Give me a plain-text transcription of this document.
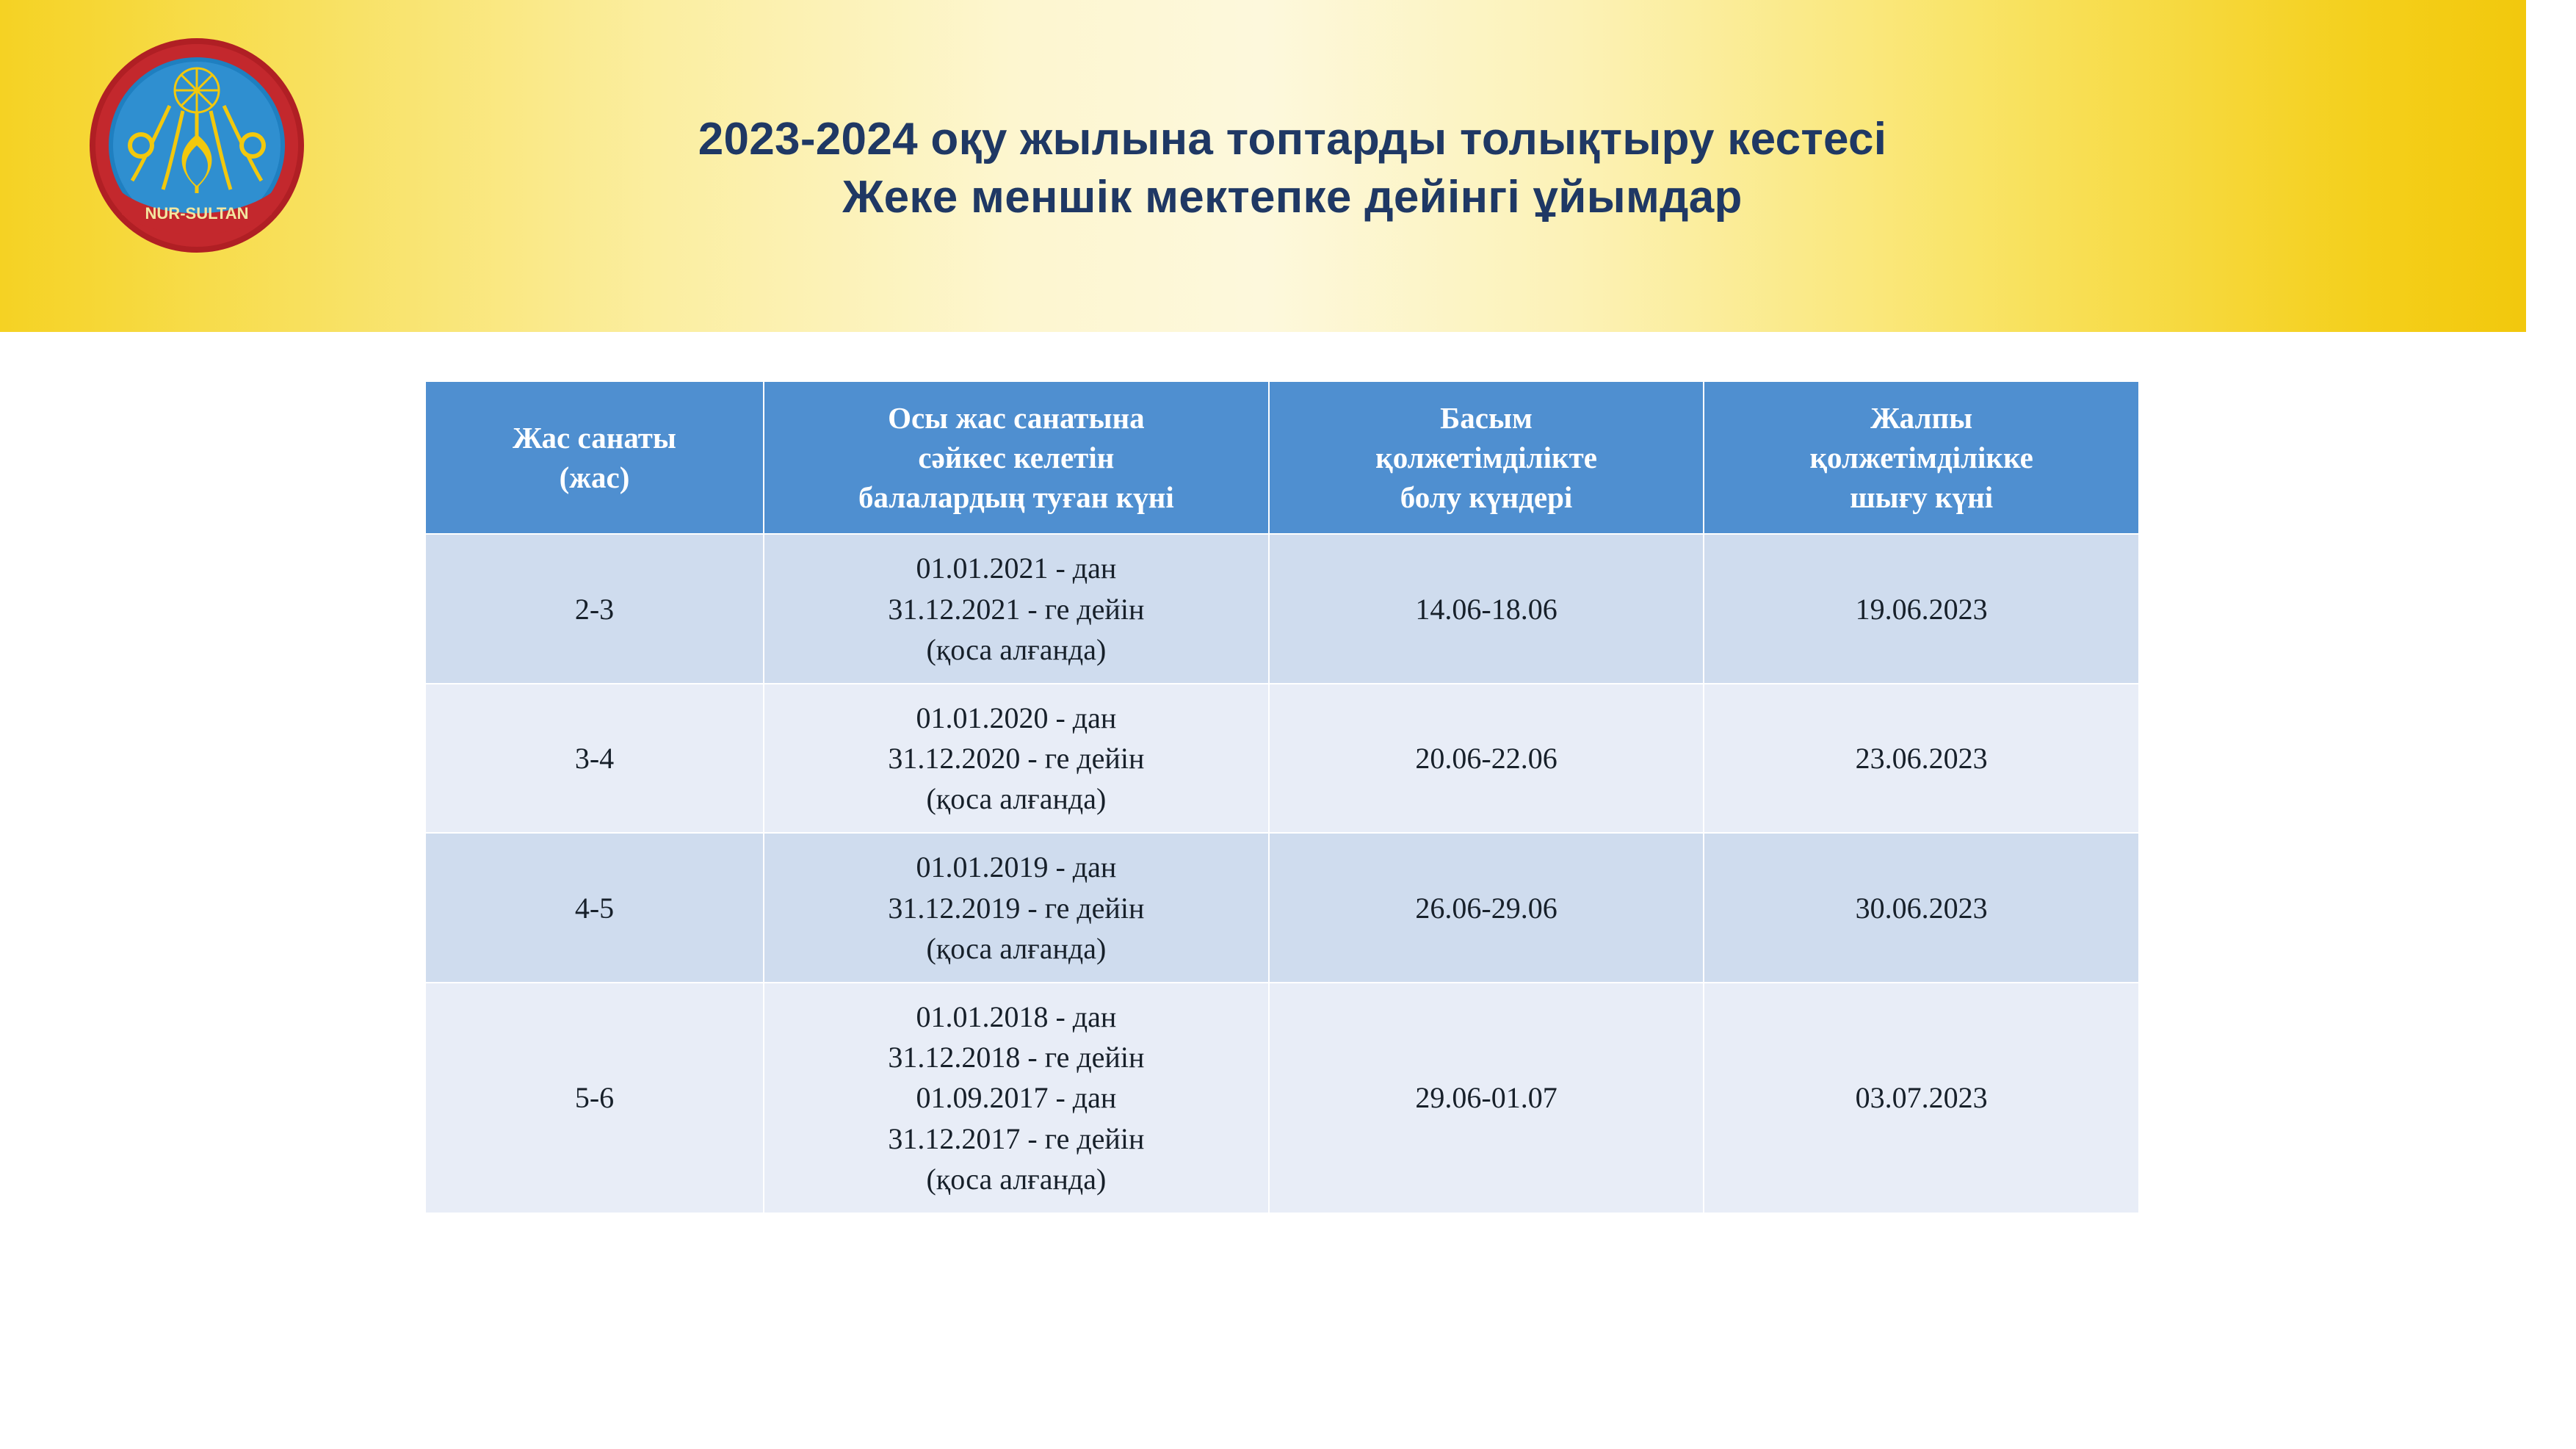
NUR-SULTAN
2023-2024 оқу жылына топтарды толықтыру кестесі
Жеке меншік мектепке дейінгі ұйымдар
Жас санаты
(жас)	Осы жас санатына
сәйкес келетін
балалардың туған күні	Басым
қолжетімділікте
болу күндері	Жалпы
қолжетімділікке
шығу күні

2-3	01.01.2021 - дан
31.12.2021 - ге дейін
(қоса алғанда)	14.06-18.06	19.06.2023
3-4	01.01.2020 - дан
31.12.2020 - ге дейін
(қоса алғанда)	20.06-22.06	23.06.2023
4-5	01.01.2019 - дан
31.12.2019 - ге дейін
(қоса алғанда)	26.06-29.06	30.06.2023
5-6	01.01.2018 - дан
31.12.2018 - ге дейін
01.09.2017 - дан
31.12.2017 - ге дейін
(қоса алғанда)	29.06-01.07	03.07.2023
